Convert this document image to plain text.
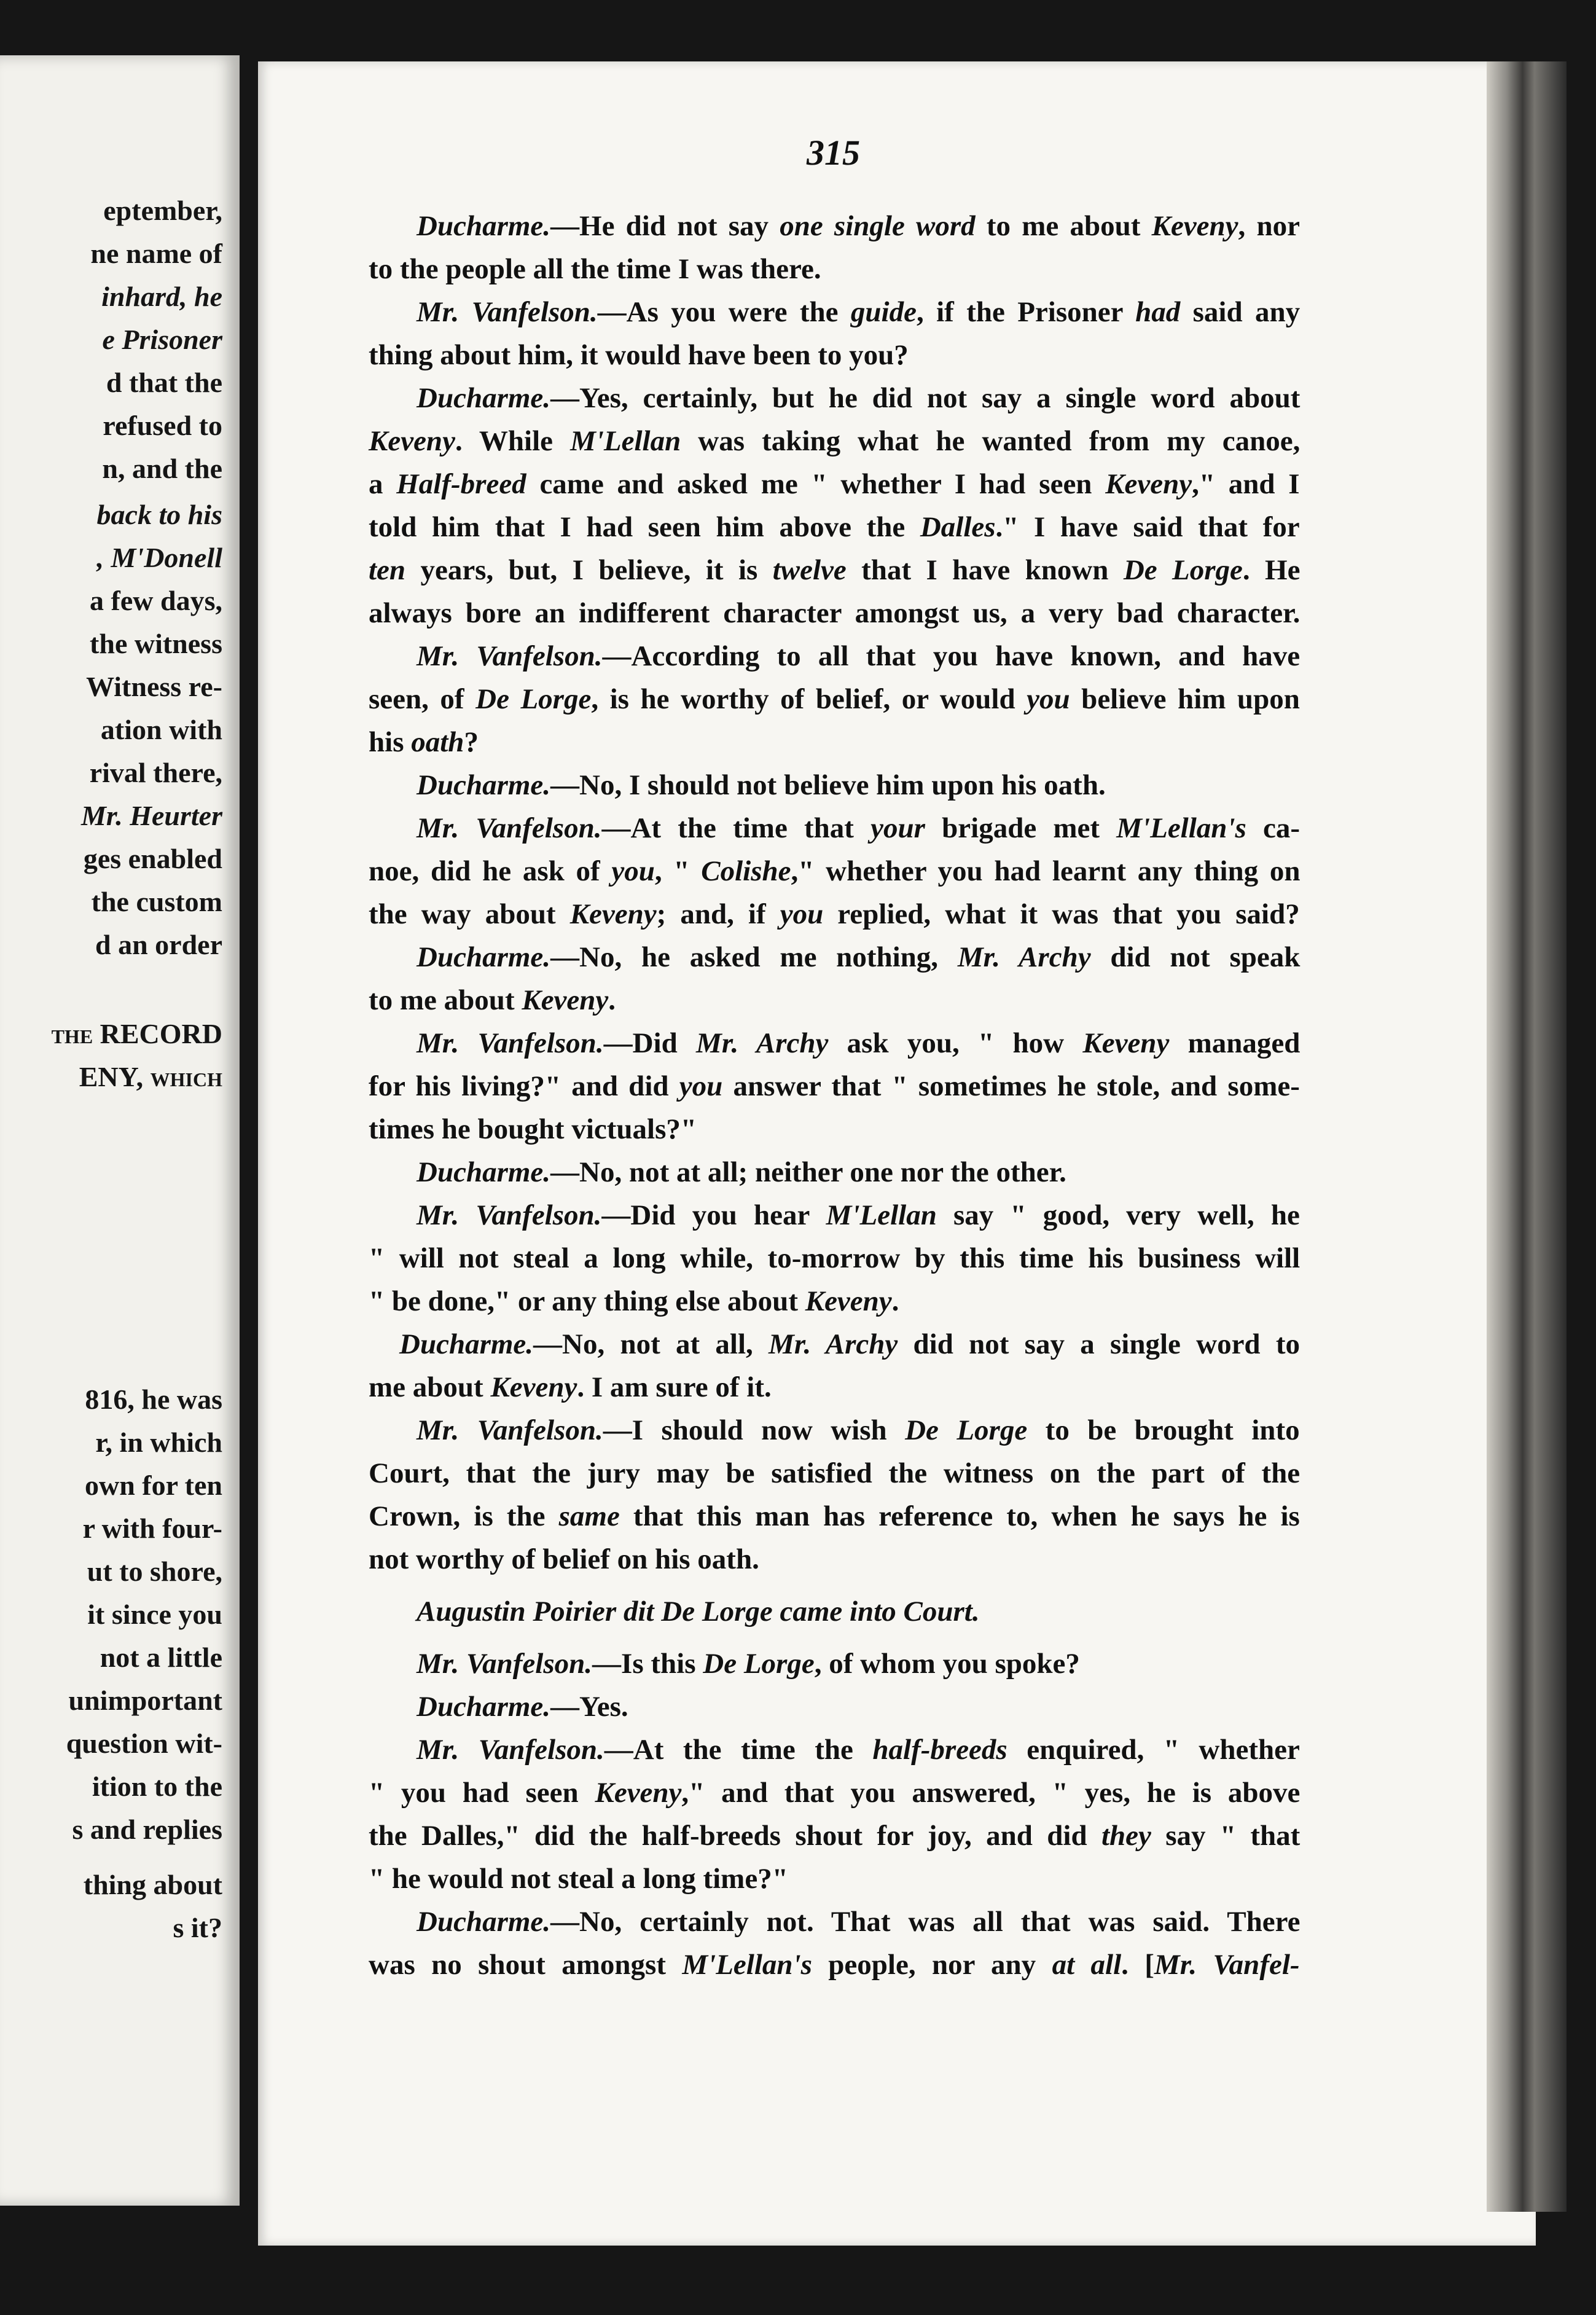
eptember,
ne name of
inhard, he
e Prisoner
d that the
refused to
n, and the
back to his
, M'Donell
a few days,
the witness
Witness re-
ation with
rival there,
Mr. Heurter
ges enabled
the custom
d an order
the RECORD
ENY, which
816, he was
r, in which
own for ten
r with four-
ut to shore,
it since you
not a little
unimportant
question wit-
ition to the
s and replies
thing about
s it?
315
Ducharme.—He did not say one single word to me about Keveny, nor
to the people all the time I was there.
Mr. Vanfelson.—As you were the guide, if the Prisoner had said any
thing about him, it would have been to you?
Ducharme.—Yes, certainly, but he did not say a single word about
Keveny. While M'Lellan was taking what he wanted from my canoe,
a Half-breed came and asked me " whether I had seen Keveny," and I
told him that I had seen him above the Dalles." I have said that for
ten years, but, I believe, it is twelve that I have known De Lorge. He
always bore an indifferent character amongst us, a very bad character.
Mr. Vanfelson.—According to all that you have known, and have
seen, of De Lorge, is he worthy of belief, or would you believe him upon
his oath?
Ducharme.—No, I should not believe him upon his oath.
Mr. Vanfelson.—At the time that your brigade met M'Lellan's ca-
noe, did he ask of you, " Colishe," whether you had learnt any thing on
the way about Keveny; and, if you replied, what it was that you said?
Ducharme.—No, he asked me nothing, Mr. Archy did not speak
to me about Keveny.
Mr. Vanfelson.—Did Mr. Archy ask you, " how Keveny managed
for his living?" and did you answer that " sometimes he stole, and some-
times he bought victuals?"
Ducharme.—No, not at all; neither one nor the other.
Mr. Vanfelson.—Did you hear M'Lellan say " good, very well, he
" will not steal a long while, to-morrow by this time his business will
" be done," or any thing else about Keveny.
Ducharme.—No, not at all, Mr. Archy did not say a single word to
me about Keveny. I am sure of it.
Mr. Vanfelson.—I should now wish De Lorge to be brought into
Court, that the jury may be satisfied the witness on the part of the
Crown, is the same that this man has reference to, when he says he is
not worthy of belief on his oath.
Augustin Poirier dit De Lorge came into Court.
Mr. Vanfelson.—Is this De Lorge, of whom you spoke?
Ducharme.—Yes.
Mr. Vanfelson.—At the time the half-breeds enquired, " whether
" you had seen Keveny," and that you answered, " yes, he is above
the Dalles," did the half-breeds shout for joy, and did they say " that
" he would not steal a long time?"
Ducharme.—No, certainly not. That was all that was said. There
was no shout amongst M'Lellan's people, nor any at all. [Mr. Vanfel-
